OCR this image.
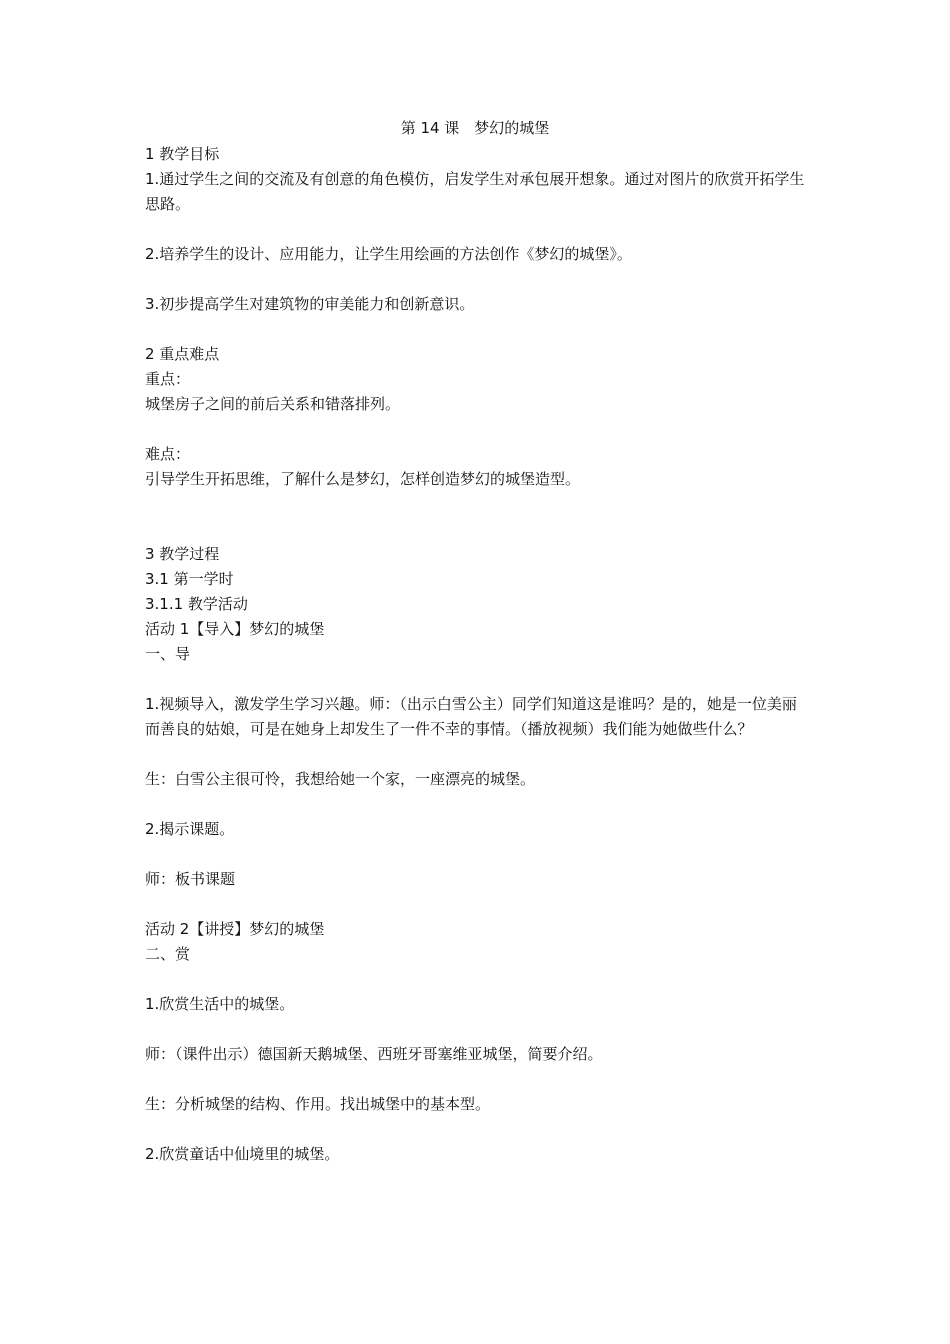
第 14 课　梦幻的城堡

1 教学目标

1.通过学生之间的交流及有创意的角色模仿，启发学生对承包展开想象。通过对图片的欣赏开拓学生思路。

2.培养学生的设计、应用能力，让学生用绘画的方法创作《梦幻的城堡》。

3.初步提高学生对建筑物的审美能力和创新意识。

2 重点难点

重点：

城堡房子之间的前后关系和错落排列。

难点：

引导学生开拓思维，了解什么是梦幻，怎样创造梦幻的城堡造型。

3 教学过程

3.1 第一学时

3.1.1 教学活动

活动 1【导入】梦幻的城堡

一、导

1.视频导入，激发学生学习兴趣。师：（出示白雪公主）同学们知道这是谁吗？是的，她是一位美丽而善良的姑娘，可是在她身上却发生了一件不幸的事情。（播放视频）我们能为她做些什么？

生：白雪公主很可怜，我想给她一个家，一座漂亮的城堡。

2.揭示课题。

师：板书课题

活动 2【讲授】梦幻的城堡

二、赏

1.欣赏生活中的城堡。

师：（课件出示）德国新天鹅城堡、西班牙哥塞维亚城堡，简要介绍。

生：分析城堡的结构、作用。找出城堡中的基本型。

2.欣赏童话中仙境里的城堡。
